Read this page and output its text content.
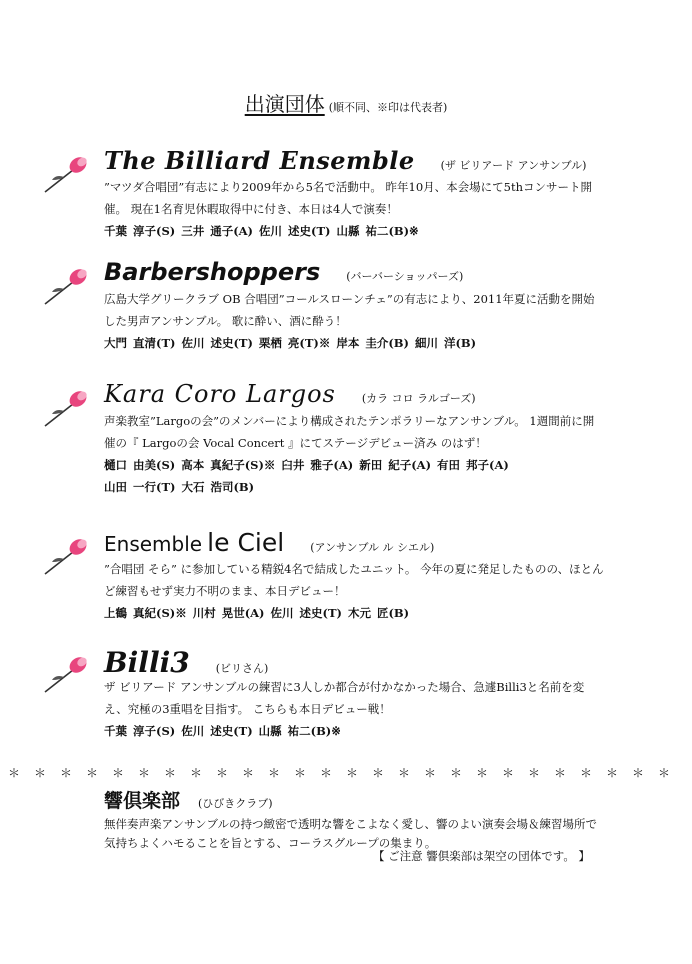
出演団体 (順不同、※印は代表者)
The Billiard Ensemble (ザ ビリアード アンサンブル)
”マツダ合唱団”有志により2009年から5名で活動中。 昨年10月、本会場にて5thコンサート開催。 現在1名育児休暇取得中に付き、本日は4人で演奏！
千葉 淳子(S) 三井 通子(A) 佐川 述史(T) 山縣 祐二(B)※
Barbershoppers (バーバーショッパーズ)
広島大学グリークラブ OB 合唱団”コールスローンチェ”の有志により、2011年夏に活動を開始した男声アンサンブル。 歌に酔い、酒に酔う！
大門 直清(T) 佐川 述史(T) 栗栖 亮(T)※ 岸本 圭介(B) 細川 洋(B)
Kara Coro Largos (カラ コロ ラルゴーズ)
声楽教室”Largoの会”のメンバーにより構成されたテンポラリーなアンサンブル。 1週間前に開催の『 Largoの会 Vocal Concert 』にてステージデビュー済み のはず！
樋口 由美(S) 高本 真紀子(S)※ 臼井 雅子(A) 新田 紀子(A) 有田 邦子(A)
山田 一行(T) 大石 浩司(B)
Ensemble le Ciel (アンサンブル ル シエル)
”合唱団 そら” に参加している精鋭4名で結成したユニット。 今年の夏に発足したものの、ほとんど練習もせず実力不明のまま、本日デビュー！
上鶴 真紀(S)※ 川村 晃世(A) 佐川 述史(T) 木元 匠(B)
Billi3 (ビリさん)
ザ ビリアード アンサンブルの練習に3人しか都合が付かなかった場合、急遽Billi3と名前を変え、究極の3重唱を目指す。 こちらも本日デビュー戦！
千葉 淳子(S) 佐川 述史(T) 山縣 祐二(B)※
＊＊＊＊＊＊＊＊＊＊＊＊＊＊＊＊＊＊＊＊＊＊＊＊＊＊
響倶楽部 (ひびきクラブ)
無伴奏声楽アンサンブルの持つ緻密で透明な響をこよなく愛し、響のよい演奏会場＆練習場所で気持ちよくハモることを旨とする、コーラスグループの集まり。
【 ご注意 響倶楽部は架空の団体です。 】
